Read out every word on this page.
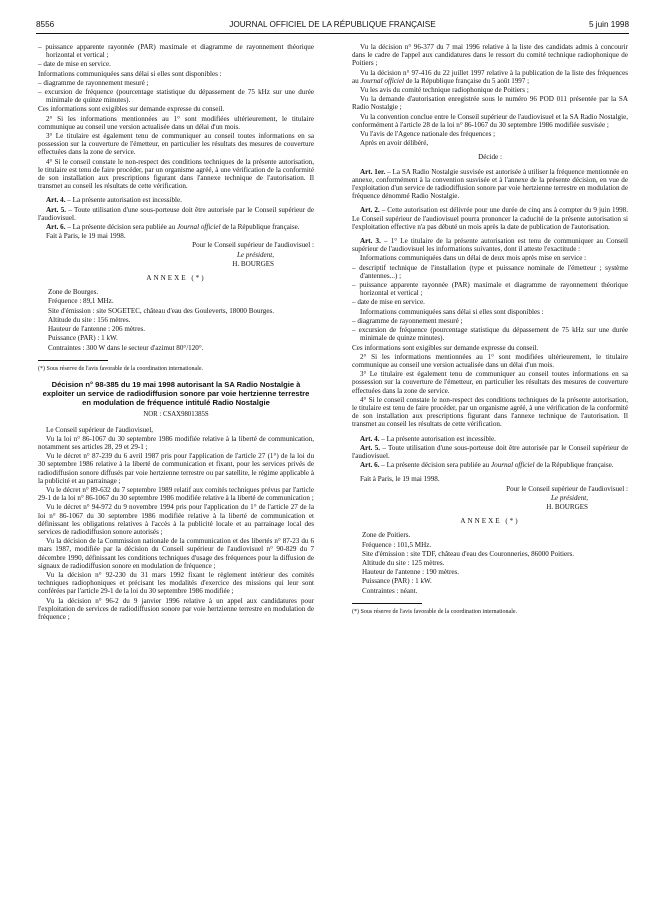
8556	JOURNAL OFFICIEL DE LA RÉPUBLIQUE FRANÇAISE	5 juin 1998

– puissance apparente rayonnée (PAR) maximale et diagramme de rayonnement théorique horizontal et vertical ;

– date de mise en service.

Informations communiquées sans délai si elles sont disponibles :

– diagramme de rayonnement mesuré ;

– excursion de fréquence (pourcentage statistique du dépassement de 75 kHz sur une durée minimale de quinze minutes).

Ces informations sont exigibles sur demande expresse du conseil.

2° Si les informations mentionnées au 1° sont modifiées ultérieurement, le titulaire communique au conseil une version actualisée dans un délai d'un mois.

3° Le titulaire est également tenu de communiquer au conseil toutes informations en sa possession sur la couverture de l'émetteur, en particulier les résultats des mesures de couverture effectuées dans la zone de service.

4° Si le conseil constate le non-respect des conditions techniques de la présente autorisation, le titulaire est tenu de faire procéder, par un organisme agréé, à une vérification de la conformité de son installation aux prescriptions figurant dans l'annexe technique de l'autorisation. Il transmet au conseil les résultats de cette vérification.

Art. 4. – La présente autorisation est incessible.

Art. 5. – Toute utilisation d'une sous-porteuse doit être autorisée par le Conseil supérieur de l'audiovisuel.

Art. 6. – La présente décision sera publiée au Journal officiel de la République française.

Fait à Paris, le 19 mai 1998.

Pour le Conseil supérieur de l'audiovisuel :

Le président,

H. BOURGES

ANNEXE (*)

Zone de Bourges.

Fréquence : 89,1 MHz.

Site d'émission : site SOGETEC, château d'eau des Gouleverts, 18000 Bourges.

Altitude du site : 156 mètres.

Hauteur de l'antenne : 206 mètres.

Puissance (PAR) : 1 kW.

Contraintes : 300 W dans le secteur d'azimut 80°/120°.

(*) Sous réserve de l'avis favorable de la coordination internationale.

Décision n° 98-385 du 19 mai 1998 autorisant la SA Radio Nostalgie à exploiter un service de radiodiffusion sonore par voie hertzienne terrestre en modulation de fréquence intitulé Radio Nostalgie
NOR : CSAX9801385S

Le Conseil supérieur de l'audiovisuel,

Vu la loi n° 86-1067 du 30 septembre 1986 modifiée relative à la liberté de communication, notamment ses articles 28, 29 et 29-1 ;

Vu le décret n° 87-239 du 6 avril 1987 pris pour l'application de l'article 27 (1°) de la loi du 30 septembre 1986 relative à la liberté de communication et fixant, pour les services privés de radiodiffusion sonore diffusés par voie hertzienne terrestre ou par satellite, le régime applicable à la publicité et au parrainage ;

Vu le décret n° 89-632 du 7 septembre 1989 relatif aux comités techniques prévus par l'article 29-1 de la loi n° 86-1067 du 30 septembre 1986 modifiée relative à la liberté de communication ;

Vu le décret n° 94-972 du 9 novembre 1994 pris pour l'application du 1° de l'article 27 de la loi n° 86-1067 du 30 septembre 1986 modifiée relative à la liberté de communication et définissant les obligations relatives à l'accès à la publicité locale et au parrainage local des services de radiodiffusion sonore autorisés ;

Vu la décision de la Commission nationale de la communication et des libertés n° 87-23 du 6 mars 1987, modifiée par la décision du Conseil supérieur de l'audiovisuel n° 90-829 du 7 décembre 1990, définissant les conditions techniques d'usage des fréquences pour la diffusion de signaux de radiodiffusion sonore en modulation de fréquence ;

Vu la décision n° 92-230 du 31 mars 1992 fixant le règlement intérieur des comités techniques radiophoniques et précisant les modalités d'exercice des missions qui leur sont conférées par l'article 29-1 de la loi du 30 septembre 1986 modifiée ;

Vu la décision n° 96-2 du 9 janvier 1996 relative à un appel aux candidatures pour l'exploitation de services de radiodiffusion sonore par voie hertzienne terrestre en modulation de fréquence ;

Vu la décision n° 96-377 du 7 mai 1996 relative à la liste des candidats admis à concourir dans le cadre de l'appel aux candidatures dans le ressort du comité technique radiophonique de Poitiers ;

Vu la décision n° 97-416 du 22 juillet 1997 relative à la publication de la liste des fréquences au Journal officiel de la République française du 5 août 1997 ;

Vu les avis du comité technique radiophonique de Poitiers ;

Vu la demande d'autorisation enregistrée sous le numéro 96 POD 011 présentée par la SA Radio Nostalgie ;

Vu la convention conclue entre le Conseil supérieur de l'audiovisuel et la SA Radio Nostalgie, conformément à l'article 28 de la loi n° 86-1067 du 30 septembre 1986 modifiée susvisée ;

Vu l'avis de l'Agence nationale des fréquences ;

Après en avoir délibéré,

Décide :

Art. 1er. – La SA Radio Nostalgie susvisée est autorisée à utiliser la fréquence mentionnée en annexe, conformément à la convention susvisée et à l'annexe de la présente décision, en vue de l'exploitation d'un service de radiodiffusion sonore par voie hertzienne terrestre en modulation de fréquence dénommé Radio Nostalgie.

Art. 2. – Cette autorisation est délivrée pour une durée de cinq ans à compter du 9 juin 1998. Le Conseil supérieur de l'audiovisuel pourra prononcer la caducité de la présente autorisation si l'exploitation effective n'a pas débuté un mois après la date de publication de l'autorisation.

Art. 3. – 1° Le titulaire de la présente autorisation est tenu de communiquer au Conseil supérieur de l'audiovisuel les informations suivantes, dont il atteste l'exactitude :

Informations communiquées dans un délai de deux mois après mise en service :

– descriptif technique de l'installation (type et puissance nominale de l'émetteur ; système d'antennes...) ;

– puissance apparente rayonnée (PAR) maximale et diagramme de rayonnement théorique horizontal et vertical ;

– date de mise en service.

Informations communiquées sans délai si elles sont disponibles :

– diagramme de rayonnement mesuré ;

– excursion de fréquence (pourcentage statistique du dépassement de 75 kHz sur une durée minimale de quinze minutes).

Ces informations sont exigibles sur demande expresse du conseil.

2° Si les informations mentionnées au 1° sont modifiées ultérieurement, le titulaire communique au conseil une version actualisée dans un délai d'un mois.

3° Le titulaire est également tenu de communiquer au conseil toutes informations en sa possession sur la couverture de l'émetteur, en particulier les résultats des mesures de couverture effectuées dans la zone de service.

4° Si le conseil constate le non-respect des conditions techniques de la présente autorisation, le titulaire est tenu de faire procéder, par un organisme agréé, à une vérification de la conformité de son installation aux prescriptions figurant dans l'annexe technique de l'autorisation. Il transmet au conseil les résultats de cette vérification.

Art. 4. – La présente autorisation est incessible.

Art. 5. – Toute utilisation d'une sous-porteuse doit être autorisée par le Conseil supérieur de l'audiovisuel.

Art. 6. – La présente décision sera publiée au Journal officiel de la République française.

Fait à Paris, le 19 mai 1998.

Pour le Conseil supérieur de l'audiovisuel :

Le président,

H. BOURGES

ANNEXE (*)

Zone de Poitiers.

Fréquence : 101,5 MHz.

Site d'émission : site TDF, château d'eau des Couronneries, 86000 Poitiers.

Altitude du site : 125 mètres.

Hauteur de l'antenne : 190 mètres.

Puissance (PAR) : 1 kW.

Contraintes : néant.

(*) Sous réserve de l'avis favorable de la coordination internationale.
